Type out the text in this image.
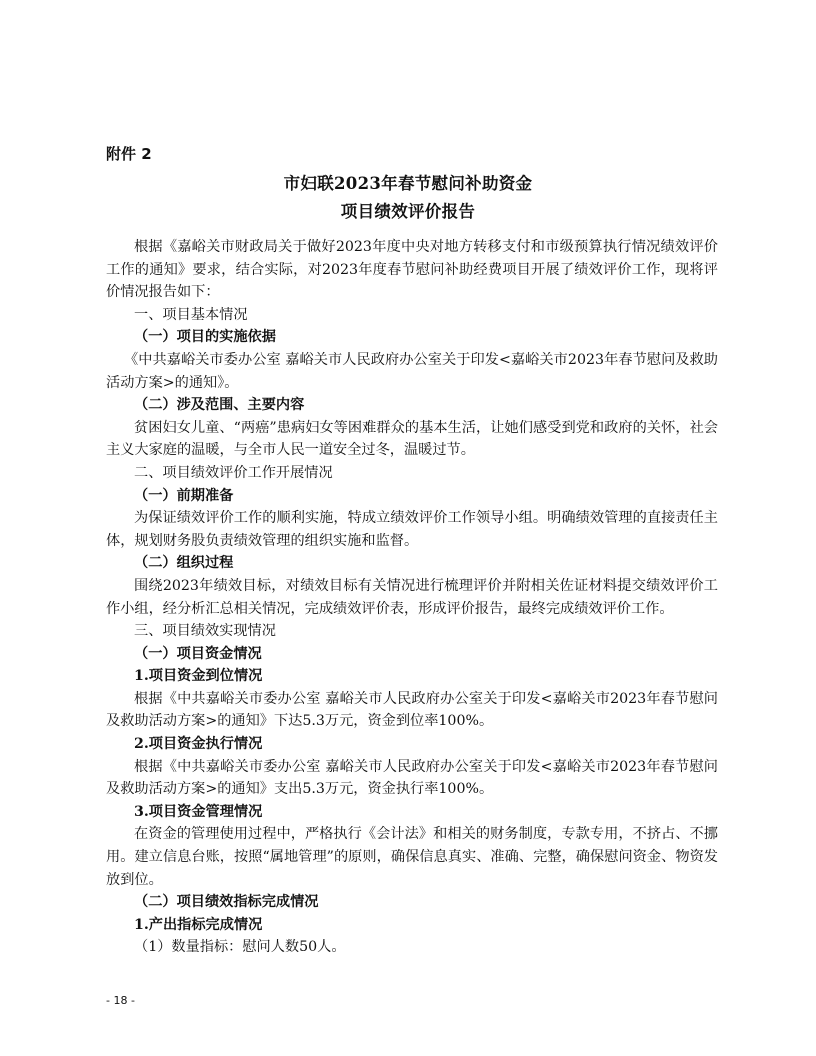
附件 2
市妇联2023年春节慰问补助资金
项目绩效评价报告

根据《嘉峪关市财政局关于做好2023年度中央对地方转移支付和市级预算执行情况绩效评价工作的通知》要求，结合实际，对2023年度春节慰问补助经费项目开展了绩效评价工作，现将评价情况报告如下：

一、项目基本情况

（一）项目的实施依据

《中共嘉峪关市委办公室 嘉峪关市人民政府办公室关于印发<嘉峪关市2023年春节慰问及救助活动方案>的通知》。

（二）涉及范围、主要内容

贫困妇女儿童、“两癌”患病妇女等困难群众的基本生活，让她们感受到党和政府的关怀，社会主义大家庭的温暖，与全市人民一道安全过冬，温暖过节。

二、项目绩效评价工作开展情况

（一）前期准备

为保证绩效评价工作的顺利实施，特成立绩效评价工作领导小组。明确绩效管理的直接责任主体，规划财务股负责绩效管理的组织实施和监督。

（二）组织过程

围绕2023年绩效目标，对绩效目标有关情况进行梳理评价并附相关佐证材料提交绩效评价工作小组，经分析汇总相关情况，完成绩效评价表，形成评价报告，最终完成绩效评价工作。

三、项目绩效实现情况

（一）项目资金情况

1.项目资金到位情况

根据《中共嘉峪关市委办公室 嘉峪关市人民政府办公室关于印发<嘉峪关市2023年春节慰问及救助活动方案>的通知》下达5.3万元，资金到位率100%。

2.项目资金执行情况

根据《中共嘉峪关市委办公室 嘉峪关市人民政府办公室关于印发<嘉峪关市2023年春节慰问及救助活动方案>的通知》支出5.3万元，资金执行率100%。

3.项目资金管理情况

在资金的管理使用过程中，严格执行《会计法》和相关的财务制度，专款专用，不挤占、不挪用。建立信息台账，按照“属地管理”的原则，确保信息真实、准确、完整，确保慰问资金、物资发放到位。

（二）项目绩效指标完成情况

1.产出指标完成情况

（1）数量指标：慰问人数50人。

- 18 -
